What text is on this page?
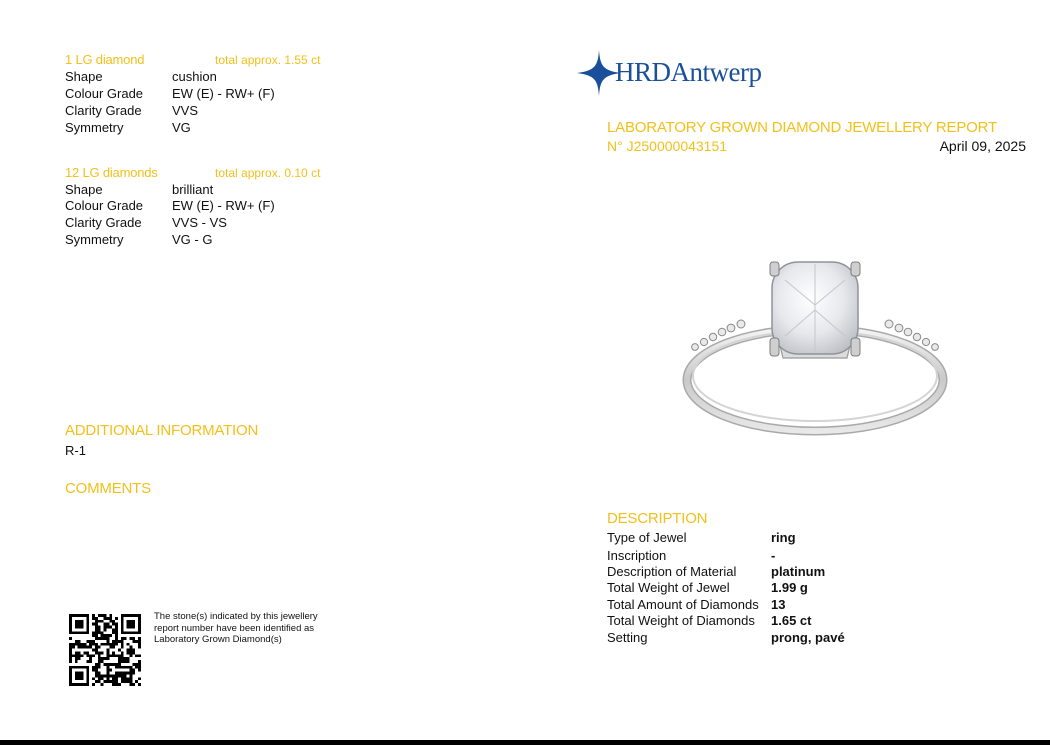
1 LG diamond	total approx. 1.55 ct
Shape	cushion
Colour Grade EW (E) - RW+ (F)
Clarity Grade VVS
Symmetry	VG
12 LG diamonds	total approx. 0.10 ct
Shape	brilliant
Colour Grade EW (E) - RW+ (F)
Clarity Grade VVS - VS
Symmetry	VG - G
ADDITIONAL INFORMATION
R-1
COMMENTS
The stone(s) indicated by this jewellery
report number have been identified as
Laboratory Grown Diamond(s)
HRDAntwerp
LABORATORY GROWN DIAMOND JEWELLERY REPORT
N° J250000043151	April 09, 2025
DESCRIPTION
Type of Jewel	ring
Inscription	-
Description of Material	platinum
Total Weight of Jewel	1.99 g
Total Amount of Diamonds 13
Total Weight of Diamonds 1.65 ct
Setting	prong, pavé
